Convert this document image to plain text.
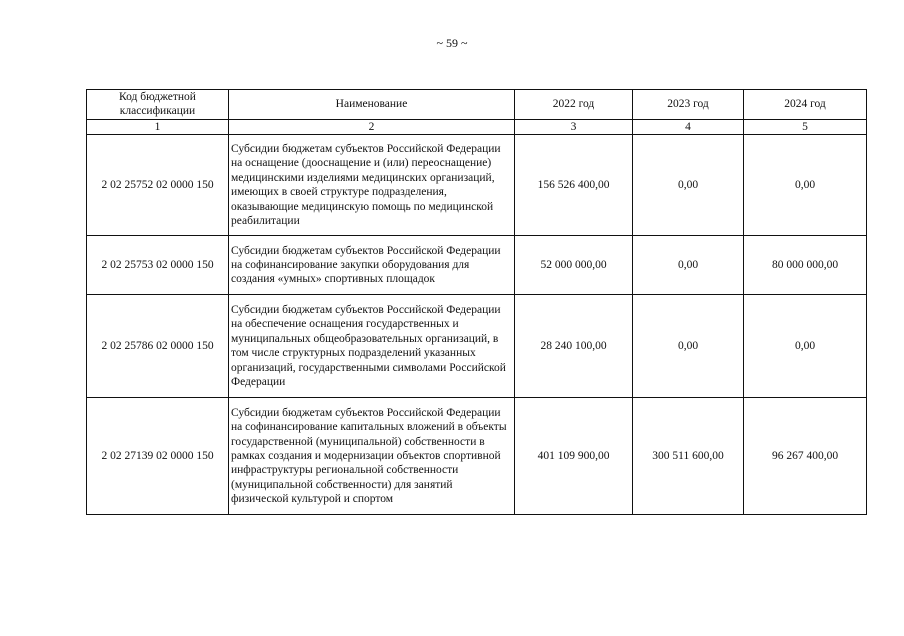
~ 59 ~
Код бюджетной классификации	Наименование	2022 год	2023 год	2024 год
1	2	3	4	5
2 02 25752 02 0000 150	Субсидии бюджетам субъектов Российской Федерации на оснащение (дооснащение и (или) переоснащение) медицинскими изделиями медицинских организаций, имеющих в своей структуре подразделения, оказывающие медицинскую помощь по медицинской реабилитации	156 526 400,00	0,00	0,00
2 02 25753 02 0000 150	Субсидии бюджетам субъектов Российской Федерации на софинансирование закупки оборудования для создания «умных» спортивных площадок	52 000 000,00	0,00	80 000 000,00
2 02 25786 02 0000 150	Субсидии бюджетам субъектов Российской Федерации на обеспечение оснащения государственных и муниципальных общеобразовательных организаций, в том числе структурных подразделений указанных организаций, государственными символами Российской Федерации	28 240 100,00	0,00	0,00
2 02 27139 02 0000 150	Субсидии бюджетам субъектов Российской Федерации на софинансирование капитальных вложений в объекты государственной (муниципальной) собственности в рамках создания и модернизации объектов спортивной инфраструктуры региональной собственности (муниципальной собственности) для занятий физической культурой и спортом	401 109 900,00	300 511 600,00	96 267 400,00
